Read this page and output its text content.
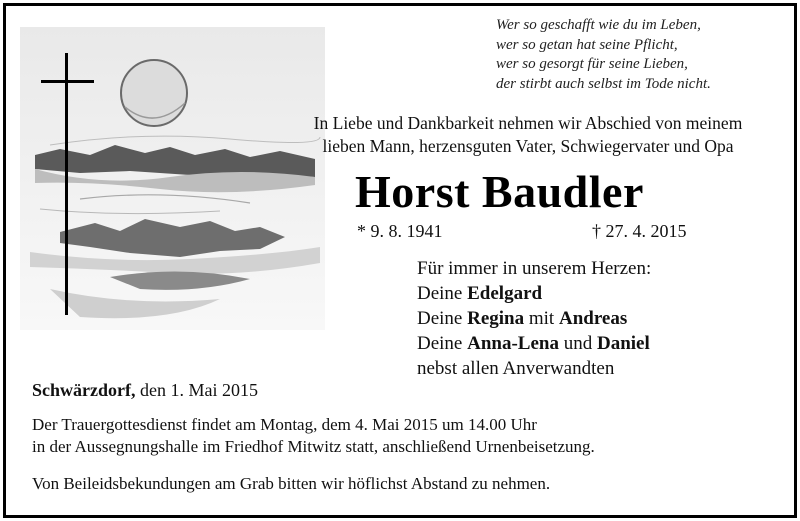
Wer so geschafft wie du im Leben,
wer so getan hat seine Pflicht,
wer so gesorgt für seine Lieben,
der stirbt auch selbst im Tode nicht.
In Liebe und Dankbarkeit nehmen wir Abschied von meinem
lieben Mann, herzensguten Vater, Schwiegervater und Opa
Horst Baudler
* 9. 8. 1941	† 27. 4. 2015
Für immer in unserem Herzen:
Deine Edelgard
Deine Regina mit Andreas
Deine Anna-Lena und Daniel
nebst allen Anverwandten
Schwärzdorf, den 1. Mai 2015
Der Trauergottesdienst findet am Montag, dem 4. Mai 2015 um 14.00 Uhr
in der Aussegnungshalle im Friedhof Mitwitz statt, anschließend Urnenbeisetzung.
Von Beileidsbekundungen am Grab bitten wir höflichst Abstand zu nehmen.
